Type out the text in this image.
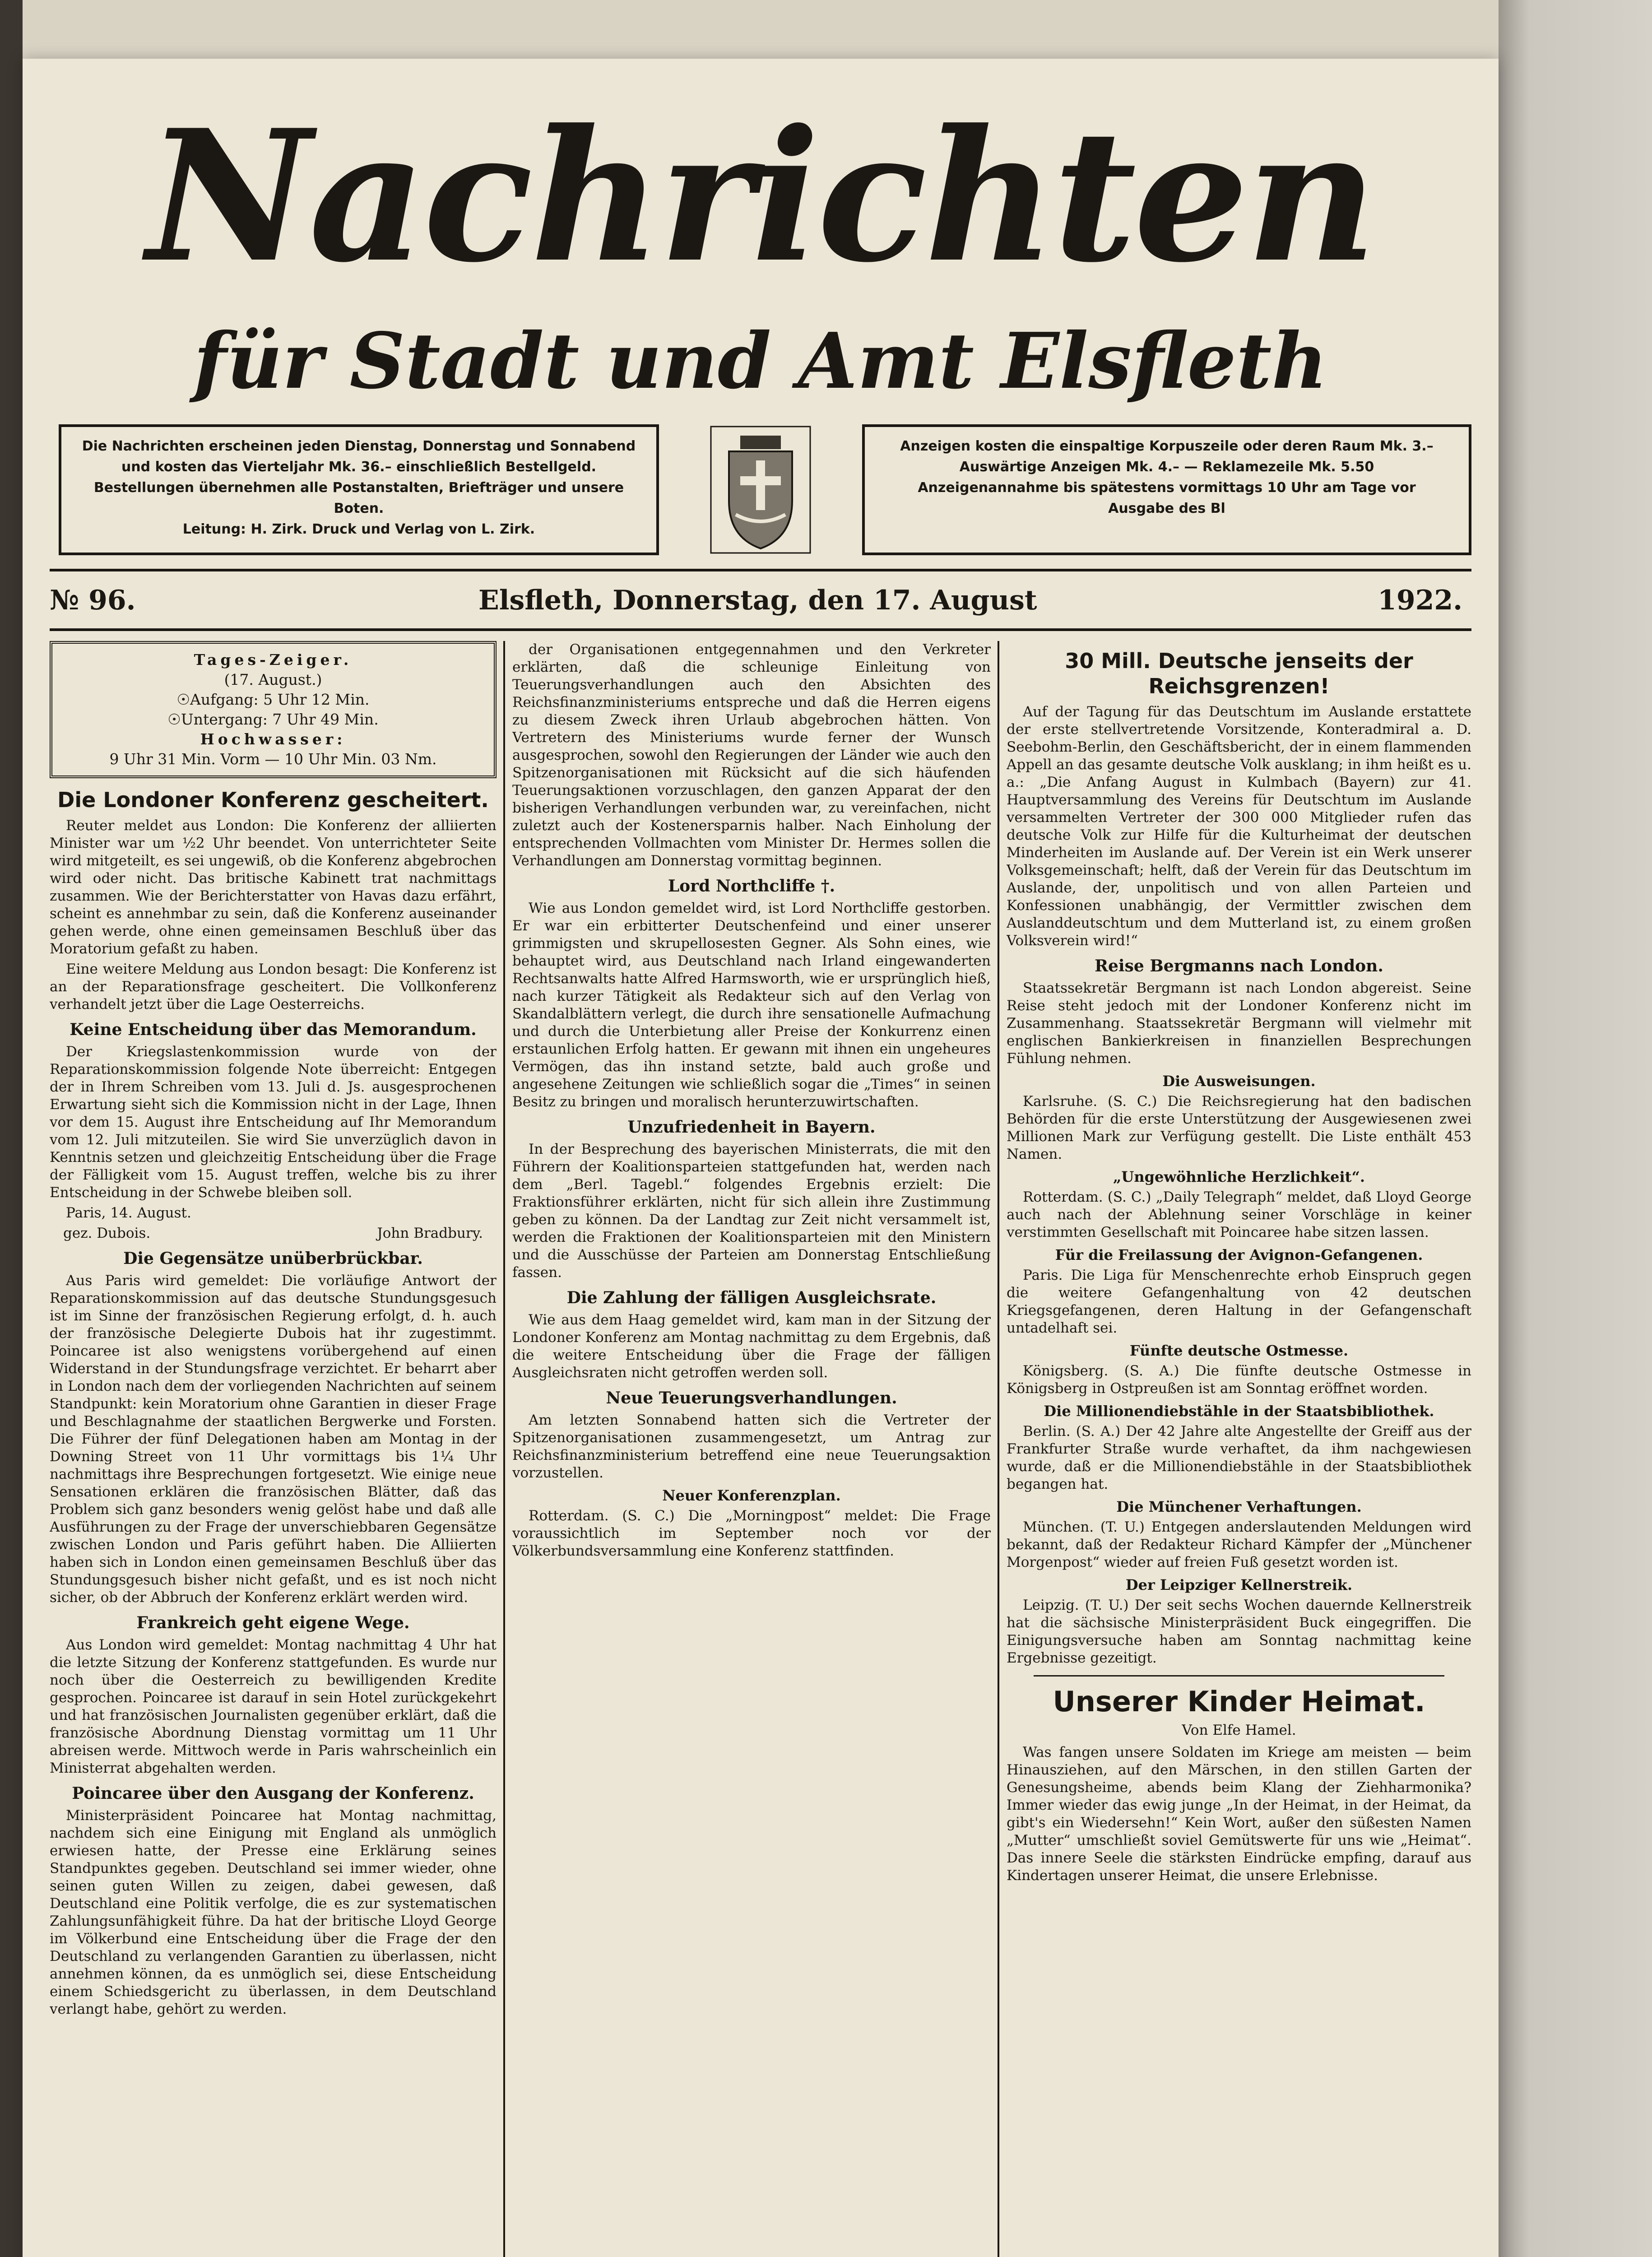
Nachrichten
für Stadt und Amt Elsfleth
Die Nachrichten erscheinen jeden Dienstag, Donnerstag und Sonnabend
und kosten das Vierteljahr Mk. 36.– einschließlich Bestellgeld.
Bestellungen übernehmen alle Postanstalten, Briefträger und unsere Boten.
Leitung: H. Zirk. Druck und Verlag von L. Zirk.
Anzeigen kosten die einspaltige Korpuszeile oder deren Raum Mk. 3.–
Auswärtige Anzeigen Mk. 4.– — Reklamezeile Mk. 5.50
Anzeigenannahme bis spätestens vormittags 10 Uhr am Tage vor
Ausgabe des Bl
№ 96.	Elsfleth, Donnerstag, den 17. August	1922.
Tages-Zeiger.
(17. August.)
☉Aufgang: 5 Uhr 12 Min.
☉Untergang: 7 Uhr 49 Min.
Hochwasser:
9 Uhr 31 Min. Vorm — 10 Uhr Min. 03 Nm.
Die Londoner Konferenz gescheitert.

Reuter meldet aus London: Die Konferenz der alliierten Minister war um ½2 Uhr beendet. Von unterrichteter Seite wird mitgeteilt, es sei ungewiß, ob die Konferenz abgebrochen wird oder nicht. Das britische Kabinett trat nachmittags zusammen. Wie der Berichterstatter von Havas dazu erfährt, scheint es annehmbar zu sein, daß die Konferenz auseinander gehen werde, ohne einen gemeinsamen Beschluß über das Moratorium gefaßt zu haben.

Eine weitere Meldung aus London besagt: Die Konferenz ist an der Reparationsfrage gescheitert. Die Vollkonferenz verhandelt jetzt über die Lage Oesterreichs.

Keine Entscheidung über das Memorandum.

Der Kriegslastenkommission wurde von der Reparationskommission folgende Note überreicht: Entgegen der in Ihrem Schreiben vom 13. Juli d. Js. ausgesprochenen Erwartung sieht sich die Kommission nicht in der Lage, Ihnen vor dem 15. August ihre Entscheidung auf Ihr Memorandum vom 12. Juli mitzuteilen. Sie wird Sie unverzüglich davon in Kenntnis setzen und gleichzeitig Entscheidung über die Frage der Fälligkeit vom 15. August treffen, welche bis zu ihrer Entscheidung in der Schwebe bleiben soll.

Paris, 14. August.

gez. Dubois.	John Bradbury.

Die Gegensätze unüberbrückbar.

Aus Paris wird gemeldet: Die vorläufige Antwort der Reparationskommission auf das deutsche Stundungsgesuch ist im Sinne der französischen Regierung erfolgt, d. h. auch der französische Delegierte Dubois hat ihr zugestimmt. Poincaree ist also wenigstens vorübergehend auf einen Widerstand in der Stundungsfrage verzichtet. Er beharrt aber in London nach dem der vorliegenden Nachrichten auf seinem Standpunkt: kein Moratorium ohne Garantien in dieser Frage und Beschlagnahme der staatlichen Bergwerke und Forsten. Die Führer der fünf Delegationen haben am Montag in der Downing Street von 11 Uhr vormittags bis 1¼ Uhr nachmittags ihre Besprechungen fortgesetzt. Wie einige neue Sensationen erklären die französischen Blätter, daß das Problem sich ganz besonders wenig gelöst habe und daß alle Ausführungen zu der Frage der unverschiebbaren Gegensätze zwischen London und Paris geführt haben. Die Alliierten haben sich in London einen gemeinsamen Beschluß über das Stundungsgesuch bisher nicht gefaßt, und es ist noch nicht sicher, ob der Abbruch der Konferenz erklärt werden wird.

Frankreich geht eigene Wege.

Aus London wird gemeldet: Montag nachmittag 4 Uhr hat die letzte Sitzung der Konferenz stattgefunden. Es wurde nur noch über die Oesterreich zu bewilligenden Kredite gesprochen. Poincaree ist darauf in sein Hotel zurückgekehrt und hat französischen Journalisten gegenüber erklärt, daß die französische Abordnung Dienstag vormittag um 11 Uhr abreisen werde. Mittwoch werde in Paris wahrscheinlich ein Ministerrat abgehalten werden.

Poincaree über den Ausgang der Konferenz.

Ministerpräsident Poincaree hat Montag nachmittag, nachdem sich eine Einigung mit England als unmöglich erwiesen hatte, der Presse eine Erklärung seines Standpunktes gegeben. Deutschland sei immer wieder, ohne seinen guten Willen zu zeigen, dabei gewesen, daß Deutschland eine Politik verfolge, die es zur systematischen Zahlungsunfähigkeit führe. Da hat der britische Lloyd George im Völkerbund eine Entscheidung über die Frage der den Deutschland zu verlangenden Garantien zu überlassen, nicht annehmen können, da es unmöglich sei, diese Entscheidung einem Schiedsgericht zu überlassen, in dem Deutschland verlangt habe, gehört zu werden.

der Organisationen entgegennahmen und den Verkreter erklärten, daß die schleunige Einleitung von Teuerungsverhandlungen auch den Absichten des Reichsfinanzministeriums entspreche und daß die Herren eigens zu diesem Zweck ihren Urlaub abgebrochen hätten. Von Vertretern des Ministeriums wurde ferner der Wunsch ausgesprochen, sowohl den Regierungen der Länder wie auch den Spitzenorganisationen mit Rücksicht auf die sich häufenden Teuerungsaktionen vorzuschlagen, den ganzen Apparat der den bisherigen Verhandlungen verbunden war, zu vereinfachen, nicht zuletzt auch der Kostenersparnis halber. Nach Einholung der entsprechenden Vollmachten vom Minister Dr. Hermes sollen die Verhandlungen am Donnerstag vormittag beginnen.

Lord Northcliffe †.

Wie aus London gemeldet wird, ist Lord Northcliffe gestorben. Er war ein erbitterter Deutschenfeind und einer unserer grimmigsten und skrupellosesten Gegner. Als Sohn eines, wie behauptet wird, aus Deutschland nach Irland eingewanderten Rechtsanwalts hatte Alfred Harmsworth, wie er ursprünglich hieß, nach kurzer Tätigkeit als Redakteur sich auf den Verlag von Skandalblättern verlegt, die durch ihre sensationelle Aufmachung und durch die Unterbietung aller Preise der Konkurrenz einen erstaunlichen Erfolg hatten. Er gewann mit ihnen ein ungeheures Vermögen, das ihn instand setzte, bald auch große und angesehene Zeitungen wie schließlich sogar die „Times“ in seinen Besitz zu bringen und moralisch herunterzuwirtschaften.

Unzufriedenheit in Bayern.

In der Besprechung des bayerischen Ministerrats, die mit den Führern der Koalitionsparteien stattgefunden hat, werden nach dem „Berl. Tagebl.“ folgendes Ergebnis erzielt: Die Fraktionsführer erklärten, nicht für sich allein ihre Zustimmung geben zu können. Da der Landtag zur Zeit nicht versammelt ist, werden die Fraktionen der Koalitionsparteien mit den Ministern und die Ausschüsse der Parteien am Donnerstag Entschließung fassen.

Die Zahlung der fälligen Ausgleichsrate.

Wie aus dem Haag gemeldet wird, kam man in der Sitzung der Londoner Konferenz am Montag nachmittag zu dem Ergebnis, daß die weitere Entscheidung über die Frage der fälligen Ausgleichsraten nicht getroffen werden soll.

Neue Teuerungsverhandlungen.

Am letzten Sonnabend hatten sich die Vertreter der Spitzenorganisationen zusammengesetzt, um Antrag zur Reichsfinanzministerium betreffend eine neue Teuerungsaktion vorzustellen.

Neuer Konferenzplan.

Rotterdam. (S. C.) Die „Morningpost“ meldet: Die Frage voraussichtlich im September noch vor der Völkerbundsversammlung eine Konferenz stattfinden.

30 Mill. Deutsche jenseits der Reichsgrenzen!

Auf der Tagung für das Deutschtum im Auslande erstattete der erste stellvertretende Vorsitzende, Konteradmiral a. D. Seebohm-Berlin, den Geschäftsbericht, der in einem flammenden Appell an das gesamte deutsche Volk ausklang; in ihm heißt es u. a.: „Die Anfang August in Kulmbach (Bayern) zur 41. Hauptversammlung des Vereins für Deutschtum im Auslande versammelten Vertreter der 300 000 Mitglieder rufen das deutsche Volk zur Hilfe für die Kulturheimat der deutschen Minderheiten im Auslande auf. Der Verein ist ein Werk unserer Volksgemeinschaft; helft, daß der Verein für das Deutschtum im Auslande, der, unpolitisch und von allen Parteien und Konfessionen unabhängig, der Vermittler zwischen dem Auslanddeutschtum und dem Mutterland ist, zu einem großen Volksverein wird!“

Reise Bergmanns nach London.

Staatssekretär Bergmann ist nach London abgereist. Seine Reise steht jedoch mit der Londoner Konferenz nicht im Zusammenhang. Staatssekretär Bergmann will vielmehr mit englischen Bankierkreisen in finanziellen Besprechungen Fühlung nehmen.

Die Ausweisungen.

Karlsruhe. (S. C.) Die Reichsregierung hat den badischen Behörden für die erste Unterstützung der Ausgewiesenen zwei Millionen Mark zur Verfügung gestellt. Die Liste enthält 453 Namen.

„Ungewöhnliche Herzlichkeit“.

Rotterdam. (S. C.) „Daily Telegraph“ meldet, daß Lloyd George auch nach der Ablehnung seiner Vorschläge in keiner verstimmten Gesellschaft mit Poincaree habe sitzen lassen.

Für die Freilassung der Avignon-Gefangenen.

Paris. Die Liga für Menschenrechte erhob Einspruch gegen die weitere Gefangenhaltung von 42 deutschen Kriegsgefangenen, deren Haltung in der Gefangenschaft untadelhaft sei.

Fünfte deutsche Ostmesse.

Königsberg. (S. A.) Die fünfte deutsche Ostmesse in Königsberg in Ostpreußen ist am Sonntag eröffnet worden.

Die Millionendiebstähle in der Staatsbibliothek.

Berlin. (S. A.) Der 42 Jahre alte Angestellte der Greiff aus der Frankfurter Straße wurde verhaftet, da ihm nachgewiesen wurde, daß er die Millionendiebstähle in der Staatsbibliothek begangen hat.

Die Münchener Verhaftungen.

München. (T. U.) Entgegen anderslautenden Meldungen wird bekannt, daß der Redakteur Richard Kämpfer der „Münchener Morgenpost“ wieder auf freien Fuß gesetzt worden ist.

Der Leipziger Kellnerstreik.

Leipzig. (T. U.) Der seit sechs Wochen dauernde Kellnerstreik hat die sächsische Ministerpräsident Buck eingegriffen. Die Einigungsversuche haben am Sonntag nachmittag keine Ergebnisse gezeitigt.

Unserer Kinder Heimat.
Von Elfe Hamel.

Was fangen unsere Soldaten im Kriege am meisten — beim Hinausziehen, auf den Märschen, in den stillen Garten der Genesungsheime, abends beim Klang der Ziehharmonika? Immer wieder das ewig junge „In der Heimat, in der Heimat, da gibt's ein Wiedersehn!“ Kein Wort, außer den süßesten Namen „Mutter“ umschließt soviel Gemütswerte für uns wie „Heimat“. Das innere Seele die stärksten Eindrücke empfing, darauf aus Kindertagen unserer Heimat, die unsere Erlebnisse.
